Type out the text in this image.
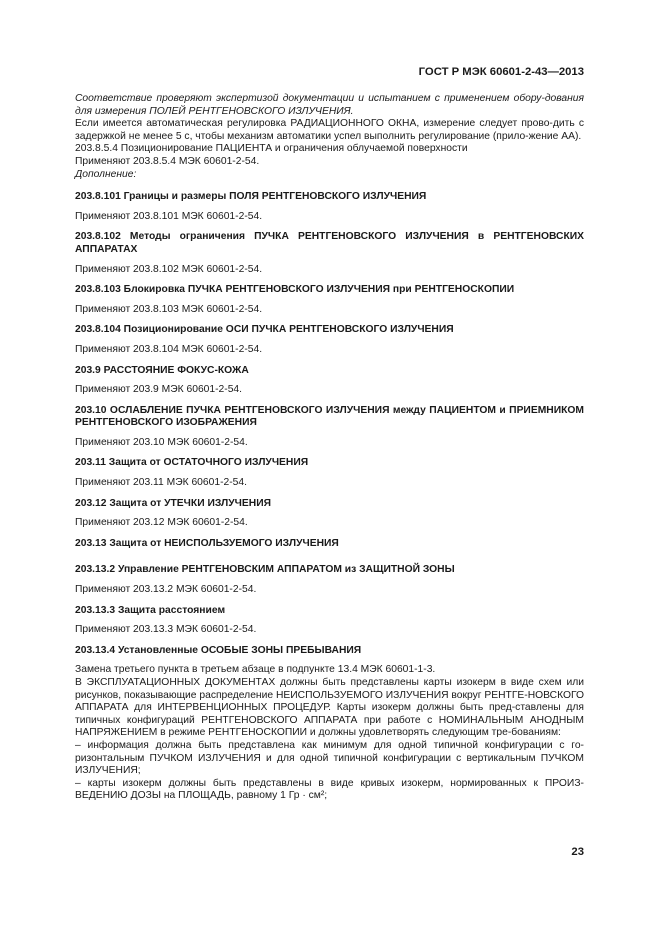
ГОСТ Р МЭК 60601-2-43—2013

Соответствие проверяют экспертизой документации и испытанием с применением обору-дования для измерения ПОЛЕЙ РЕНТГЕНОВСКОГО ИЗЛУЧЕНИЯ.

Если имеется автоматическая регулировка РАДИАЦИОННОГО ОКНА, измерение следует прово-дить с задержкой не менее 5 с, чтобы механизм автоматики успел выполнить регулирование (прило-жение АА).

203.8.5.4 Позиционирование ПАЦИЕНТА и ограничения облучаемой поверхности

Применяют 203.8.5.4 МЭК 60601-2-54.

Дополнение:

203.8.101 Границы и размеры ПОЛЯ РЕНТГЕНОВСКОГО ИЗЛУЧЕНИЯ

Применяют 203.8.101 МЭК 60601-2-54.

203.8.102 Методы ограничения ПУЧКА РЕНТГЕНОВСКОГО ИЗЛУЧЕНИЯ в РЕНТГЕНОВСКИХ АППАРАТАХ

Применяют 203.8.102 МЭК 60601-2-54.

203.8.103 Блокировка ПУЧКА РЕНТГЕНОВСКОГО ИЗЛУЧЕНИЯ при РЕНТГЕНОСКОПИИ

Применяют 203.8.103 МЭК 60601-2-54.

203.8.104 Позиционирование ОСИ ПУЧКА РЕНТГЕНОВСКОГО ИЗЛУЧЕНИЯ

Применяют 203.8.104 МЭК 60601-2-54.

203.9 РАССТОЯНИЕ ФОКУС-КОЖА

Применяют 203.9 МЭК 60601-2-54.

203.10 ОСЛАБЛЕНИЕ ПУЧКА РЕНТГЕНОВСКОГО ИЗЛУЧЕНИЯ между ПАЦИЕНТОМ и ПРИЕМНИКОМ РЕНТГЕНОВСКОГО ИЗОБРАЖЕНИЯ

Применяют 203.10 МЭК 60601-2-54.

203.11 Защита от ОСТАТОЧНОГО ИЗЛУЧЕНИЯ

Применяют 203.11 МЭК 60601-2-54.

203.12 Защита от УТЕЧКИ ИЗЛУЧЕНИЯ

Применяют 203.12 МЭК 60601-2-54.

203.13 Защита от НЕИСПОЛЬЗУЕМОГО ИЗЛУЧЕНИЯ

203.13.2 Управление РЕНТГЕНОВСКИМ АППАРАТОМ из ЗАЩИТНОЙ ЗОНЫ

Применяют 203.13.2 МЭК 60601-2-54.

203.13.3 Защита расстоянием

Применяют 203.13.3 МЭК 60601-2-54.

203.13.4 Установленные ОСОБЫЕ ЗОНЫ ПРЕБЫВАНИЯ

Замена третьего пункта в третьем абзаце в подпункте 13.4 МЭК 60601-1-3.

В ЭКСПЛУАТАЦИОННЫХ ДОКУМЕНТАХ должны быть представлены карты изокерм в виде схем или рисунков, показывающие распределение НЕИСПОЛЬЗУЕМОГО ИЗЛУЧЕНИЯ вокруг РЕНТГЕ-НОВСКОГО АППАРАТА для ИНТЕРВЕНЦИОННЫХ ПРОЦЕДУР. Карты изокерм должны быть пред-ставлены для типичных конфигураций РЕНТГЕНОВСКОГО АППАРАТА при работе с НОМИНАЛЬНЫМ АНОДНЫМ НАПРЯЖЕНИЕМ в режиме РЕНТГЕНОСКОПИИ и должны удовлетворять следующим тре-бованиям:

– информация должна быть представлена как минимум для одной типичной конфигурации с го-ризонтальным ПУЧКОМ ИЗЛУЧЕНИЯ и для одной типичной конфигурации с вертикальным ПУЧКОМ ИЗЛУЧЕНИЯ;

– карты изокерм должны быть представлены в виде кривых изокерм, нормированных к ПРОИЗ-ВЕДЕНИЮ ДОЗЫ на ПЛОЩАДЬ, равному 1 Гр · см²;

23
